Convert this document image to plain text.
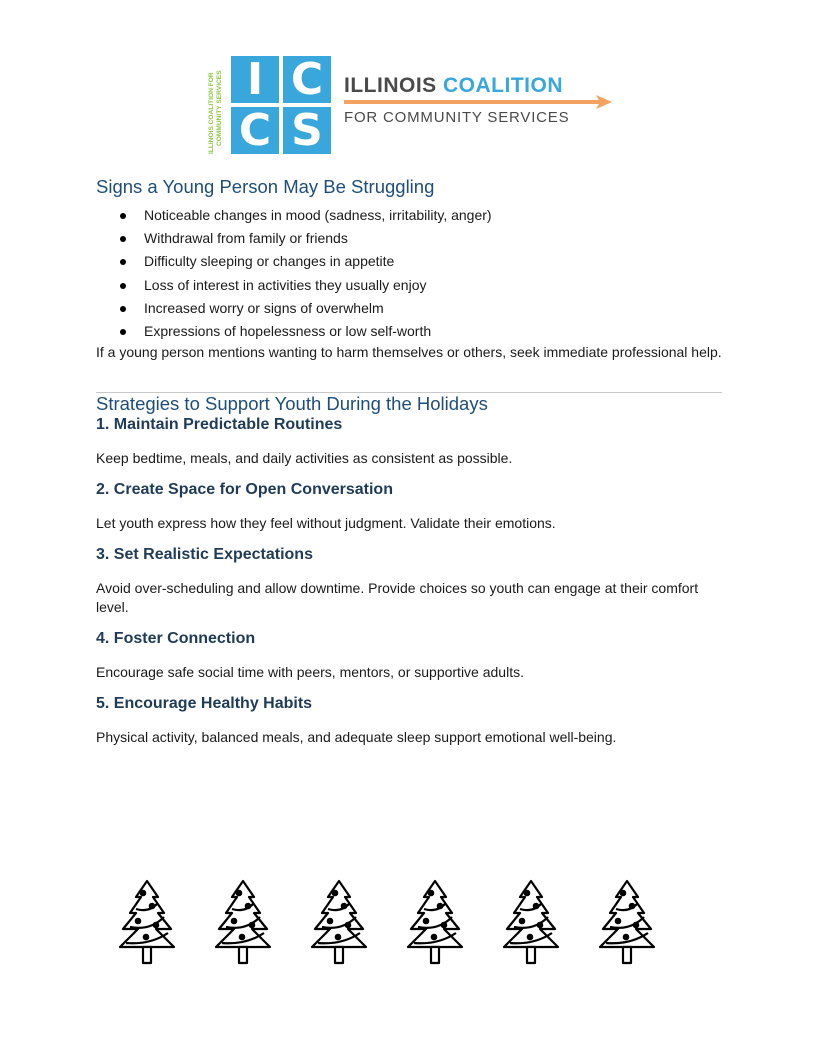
ILLINOIS COALITION FOR COMMUNITY SERVICES I C
C S
ILLINOIS COALITION
FOR COMMUNITY SERVICES
Signs a Young Person May Be Struggling
Noticeable changes in mood (sadness, irritability, anger)
Withdrawal from family or friends
Difficulty sleeping or changes in appetite
Loss of interest in activities they usually enjoy
Increased worry or signs of overwhelm
Expressions of hopelessness or low self-worth

If a young person mentions wanting to harm themselves or others, seek immediate professional help.

Strategies to Support Youth During the Holidays
1. Maintain Predictable Routines

Keep bedtime, meals, and daily activities as consistent as possible.

2. Create Space for Open Conversation

Let youth express how they feel without judgment. Validate their emotions.

3. Set Realistic Expectations

Avoid over-scheduling and allow downtime. Provide choices so youth can engage at their comfort level.

4. Foster Connection

Encourage safe social time with peers, mentors, or supportive adults.

5. Encourage Healthy Habits

Physical activity, balanced meals, and adequate sleep support emotional well-being.
